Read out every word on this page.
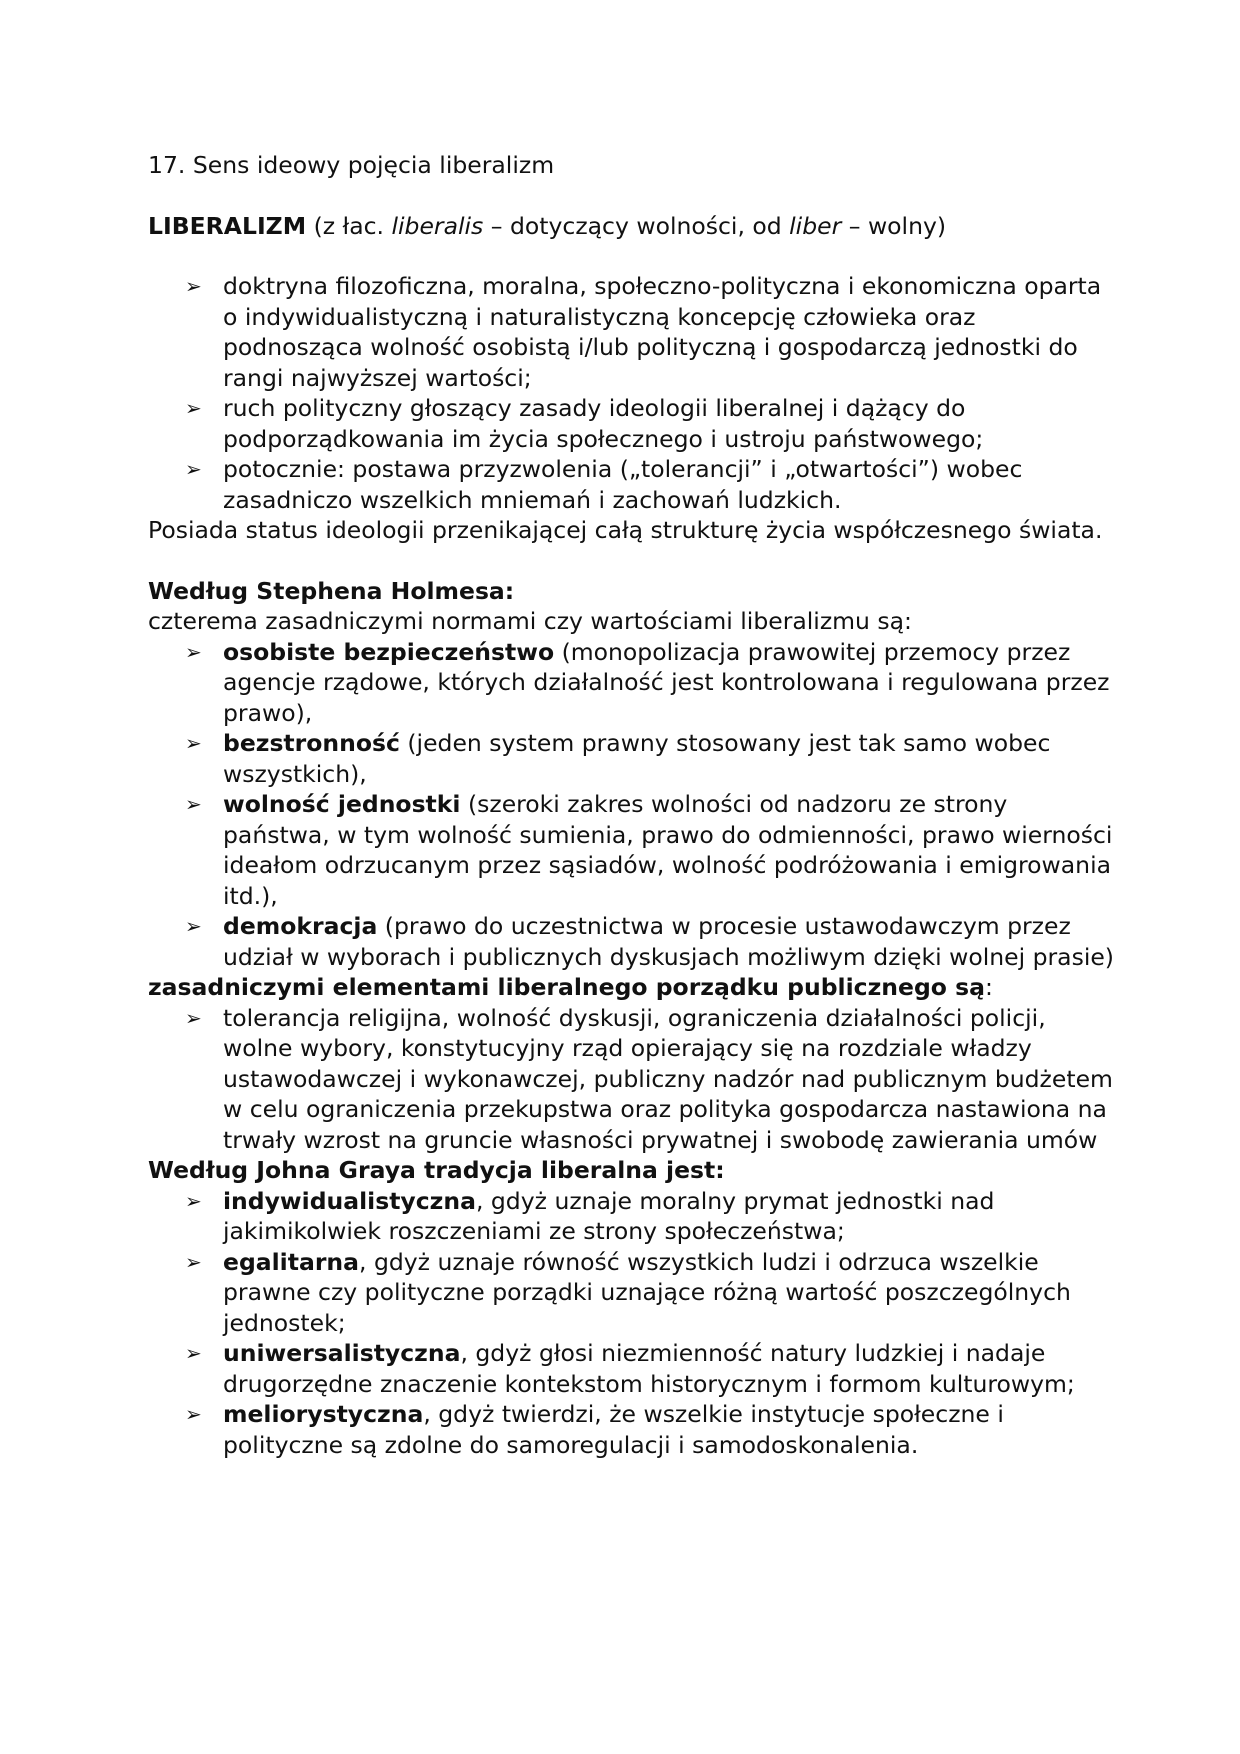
17. Sens ideowy pojęcia liberalizm

LIBERALIZM (z łac. liberalis – dotyczący wolności, od liber – wolny)

➢ doktryna filozoficzna, moralna, społeczno-polityczna i ekonomiczna oparta o indywidualistyczną i naturalistyczną koncepcję człowieka oraz podnosząca wolność osobistą i/lub polityczną i gospodarczą jednostki do rangi najwyższej wartości;
➢ ruch polityczny głoszący zasady ideologii liberalnej i dążący do podporządkowania im życia społecznego i ustroju państwowego;
➢ potocznie: postawa przyzwolenia („tolerancji” i „otwartości”) wobec zasadniczo wszelkich mniemań i zachowań ludzkich.

Posiada status ideologii przenikającej całą strukturę życia współczesnego świata.

Według Stephena Holmesa:

czterema zasadniczymi normami czy wartościami liberalizmu są:

➢ osobiste bezpieczeństwo (monopolizacja prawowitej przemocy przez agencje rządowe, których działalność jest kontrolowana i regulowana przez prawo),
➢ bezstronność (jeden system prawny stosowany jest tak samo wobec wszystkich),
➢ wolność jednostki (szeroki zakres wolności od nadzoru ze strony państwa, w tym wolność sumienia, prawo do odmienności, prawo wierności ideałom odrzucanym przez sąsiadów, wolność podróżowania i emigrowania itd.),
➢ demokracja (prawo do uczestnictwa w procesie ustawodawczym przez udział w wyborach i publicznych dyskusjach możliwym dzięki wolnej prasie)

zasadniczymi elementami liberalnego porządku publicznego są:

➢ tolerancja religijna, wolność dyskusji, ograniczenia działalności policji, wolne wybory, konstytucyjny rząd opierający się na rozdziale władzy ustawodawczej i wykonawczej, publiczny nadzór nad publicznym budżetem w celu ograniczenia przekupstwa oraz polityka gospodarcza nastawiona na trwały wzrost na gruncie własności prywatnej i swobodę zawierania umów

Według Johna Graya tradycja liberalna jest:

➢ indywidualistyczna, gdyż uznaje moralny prymat jednostki nad jakimikolwiek roszczeniami ze strony społeczeństwa;
➢ egalitarna, gdyż uznaje równość wszystkich ludzi i odrzuca wszelkie prawne czy polityczne porządki uznające różną wartość poszczególnych jednostek;
➢ uniwersalistyczna, gdyż głosi niezmienność natury ludzkiej i nadaje drugorzędne znaczenie kontekstom historycznym i formom kulturowym;
➢ meliorystyczna, gdyż twierdzi, że wszelkie instytucje społeczne i polityczne są zdolne do samoregulacji i samodoskonalenia.
